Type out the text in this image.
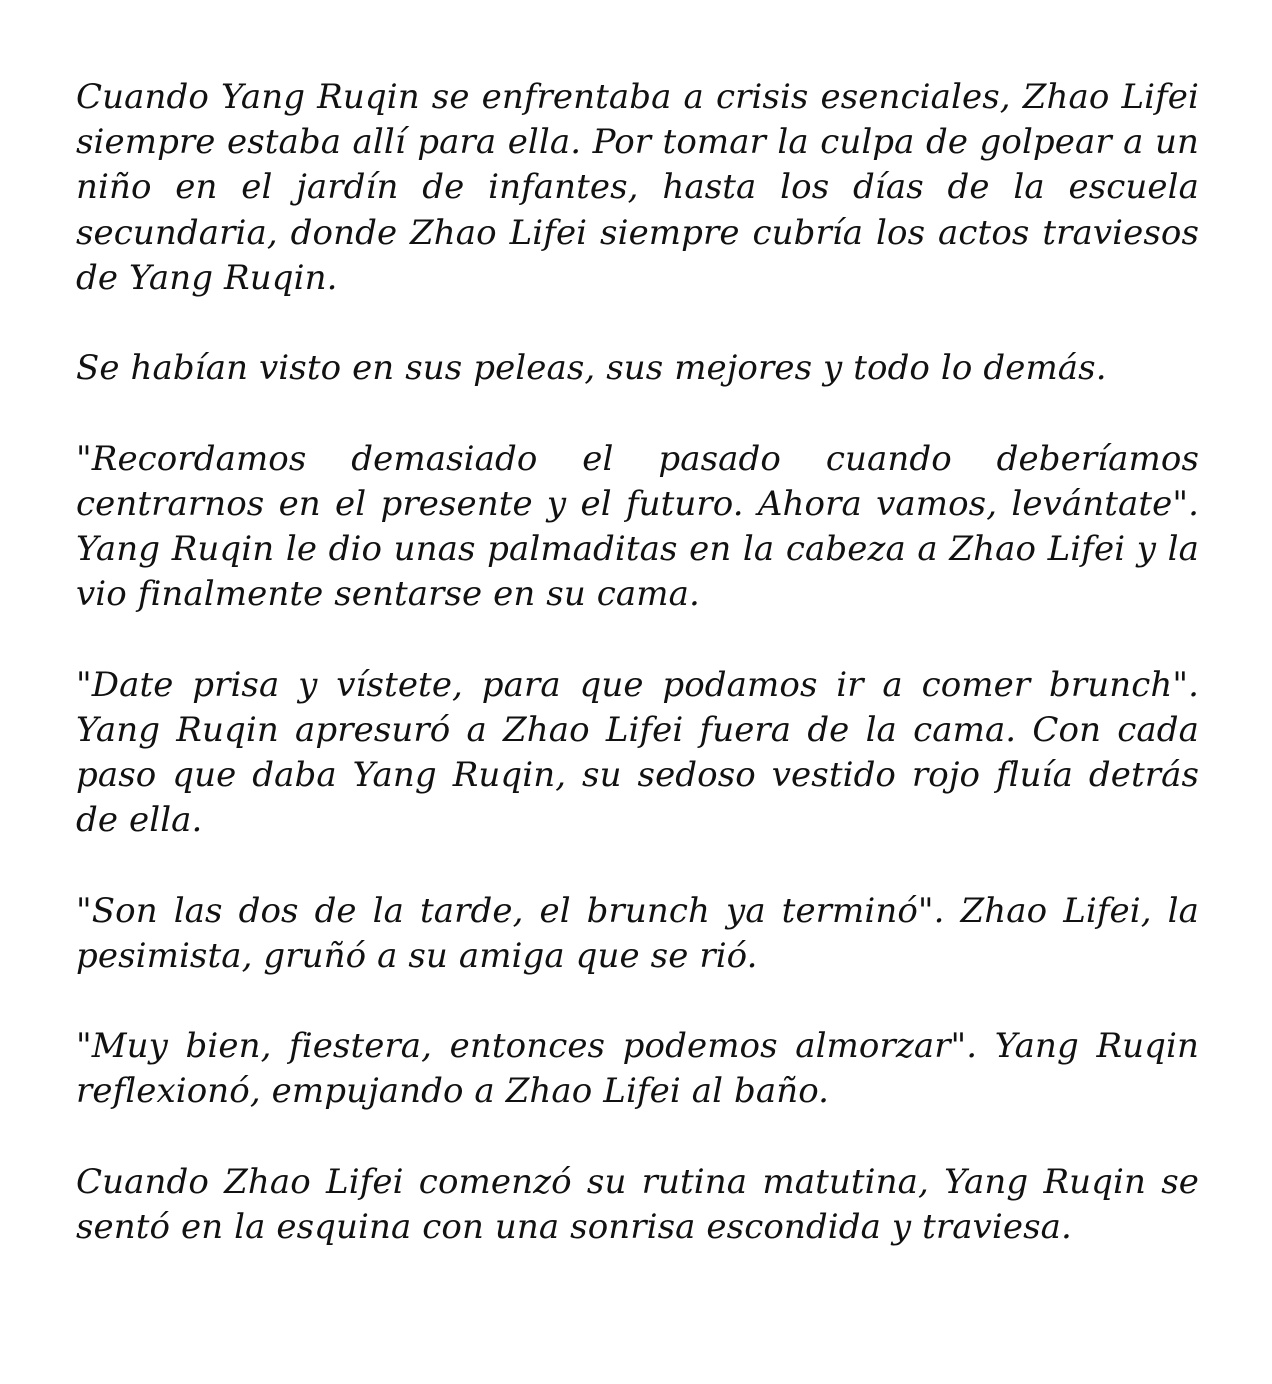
Cuando Yang Ruqin se enfrentaba a crisis esenciales, Zhao Lifei siempre estaba allí para ella. Por tomar la culpa de golpear a un niño en el jardín de infantes, hasta los días de la escuela secundaria, donde Zhao Lifei siempre cubría los actos traviesos de Yang Ruqin.

Se habían visto en sus peleas, sus mejores y todo lo demás.

"Recordamos demasiado el pasado cuando deberíamos centrarnos en el presente y el futuro. Ahora vamos, levántate". Yang Ruqin le dio unas palmaditas en la cabeza a Zhao Lifei y la vio finalmente sentarse en su cama.

"Date prisa y vístete, para que podamos ir a comer brunch". Yang Ruqin apresuró a Zhao Lifei fuera de la cama. Con cada paso que daba Yang Ruqin, su sedoso vestido rojo fluía detrás de ella.

"Son las dos de la tarde, el brunch ya terminó". Zhao Lifei, la pesimista, gruñó a su amiga que se rió.

"Muy bien, fiestera, entonces podemos almorzar". Yang Ruqin reflexionó, empujando a Zhao Lifei al baño.

Cuando Zhao Lifei comenzó su rutina matutina, Yang Ruqin se sentó en la esquina con una sonrisa escondida y traviesa.
